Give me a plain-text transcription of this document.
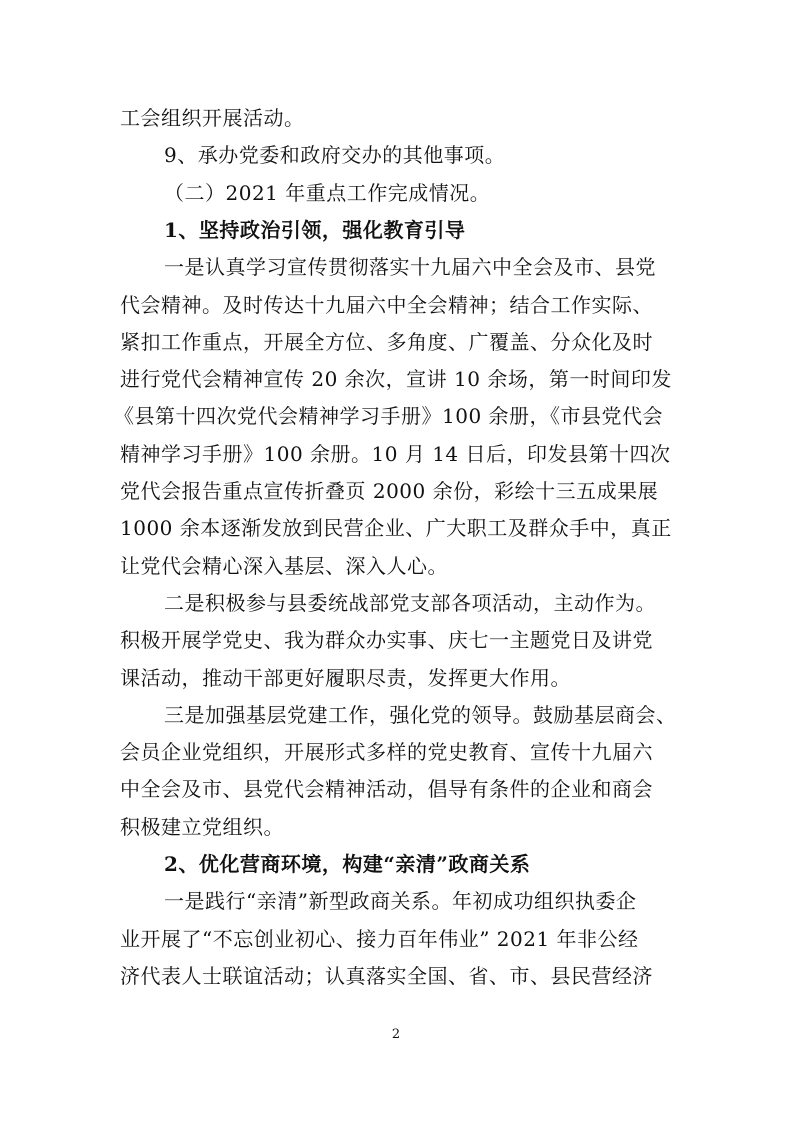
工会组织开展活动。
9、承办党委和政府交办的其他事项。
（二）2021 年重点工作完成情况。
1、坚持政治引领，强化教育引导
一是认真学习宣传贯彻落实十九届六中全会及市、县党
代会精神。及时传达十九届六中全会精神；结合工作实际、
紧扣工作重点，开展全方位、多角度、广覆盖、分众化及时
进行党代会精神宣传 20 余次，宣讲 10 余场，第一时间印发
《县第十四次党代会精神学习手册》100 余册，《市县党代会
精神学习手册》100 余册。10 月 14 日后，印发县第十四次
党代会报告重点宣传折叠页 2000 余份，彩绘十三五成果展
1000 余本逐渐发放到民营企业、广大职工及群众手中，真正
让党代会精心深入基层、深入人心。
二是积极参与县委统战部党支部各项活动，主动作为。
积极开展学党史、我为群众办实事、庆七一主题党日及讲党
课活动，推动干部更好履职尽责，发挥更大作用。
三是加强基层党建工作，强化党的领导。鼓励基层商会、
会员企业党组织，开展形式多样的党史教育、宣传十九届六
中全会及市、县党代会精神活动，倡导有条件的企业和商会
积极建立党组织。
2、优化营商环境，构建“亲清”政商关系
一是践行“亲清”新型政商关系。年初成功组织执委企
业开展了“不忘创业初心、接力百年伟业” 2021 年非公经
济代表人士联谊活动；认真落实全国、省、市、县民营经济
2
